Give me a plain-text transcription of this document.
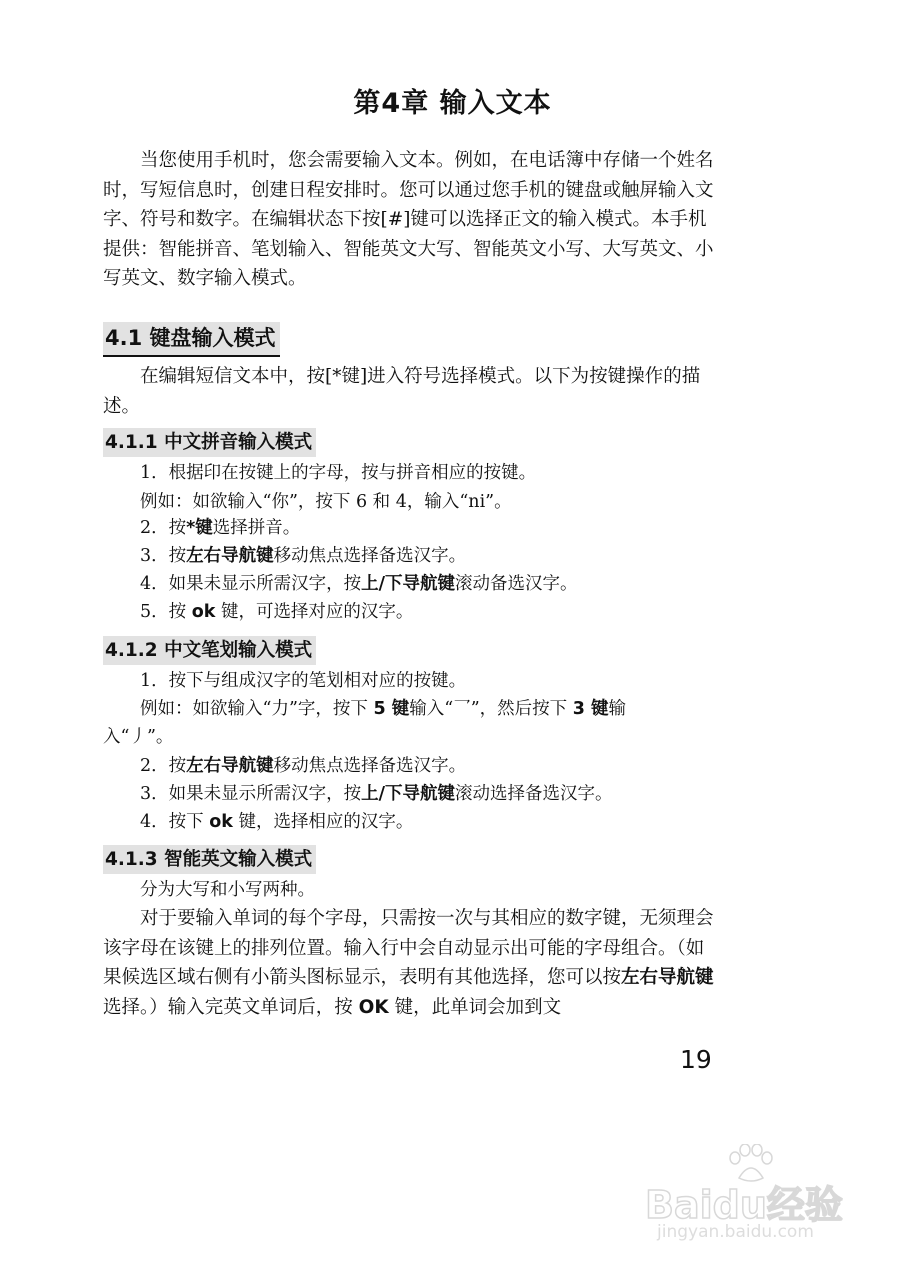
第4章 输入文本
当您使用手机时，您会需要输入文本。例如，在电话簿中存储一个姓名时，写短信息时，创建日程安排时。您可以通过您手机的键盘或触屏输入文字、符号和数字。在编辑状态下按[#]键可以选择正文的输入模式。本手机提供：智能拼音、笔划输入、智能英文大写、智能英文小写、大写英文、小写英文、数字输入模式。
4.1 键盘输入模式
在编辑短信文本中，按[*键]进入符号选择模式。以下为按键操作的描述。
4.1.1 中文拼音输入模式
1．根据印在按键上的字母，按与拼音相应的按键。
例如：如欲输入“你”，按下 6 和 4，输入“ni”。
2．按*键选择拼音。
3．按左右导航键移动焦点选择备选汉字。
4．如果未显示所需汉字，按上/下导航键滚动备选汉字。
5．按 ok 键，可选择对应的汉字。
4.1.2 中文笔划输入模式
1．按下与组成汉字的笔划相对应的按键。
例如：如欲输入“力”字，按下 5 键输入“乛”，然后按下 3 键输
入“丿”。
2．按左右导航键移动焦点选择备选汉字。
3．如果未显示所需汉字，按上/下导航键滚动选择备选汉字。
4．按下 ok 键，选择相应的汉字。
4.1.3 智能英文输入模式
分为大写和小写两种。
对于要输入单词的每个字母，只需按一次与其相应的数字键，无须理会该字母在该键上的排列位置。输入行中会自动显示出可能的字母组合。（如果候选区域右侧有小箭头图标显示，表明有其他选择，您可以按左右导航键选择。）输入完英文单词后，按 OK 键，此单词会加到文
19
Baidu经验
jingyan.baidu.com
